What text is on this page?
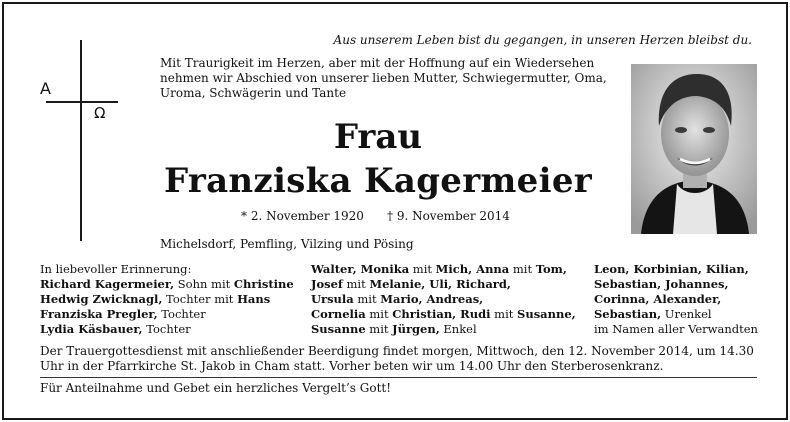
Aus unserem Leben bist du gegangen, in unseren Herzen bleibst du.
A
Ω
Mit Traurigkeit im Herzen, aber mit der Hoffnung auf ein Wiedersehen nehmen wir Abschied von unserer lieben Mutter, Schwiegermutter, Oma, Uroma, Schwägerin und Tante
Frau
Franziska Kagermeier
* 2. November 1920 † 9. November 2014
Michelsdorf, Pemfling, Vilzing und Pösing
In liebevoller Erinnerung:
Richard Kagermeier, Sohn mit Christine
Hedwig Zwicknagl, Tochter mit Hans
Franziska Pregler, Tochter
Lydia Käsbauer, Tochter
Walter, Monika mit Mich, Anna mit Tom,
Josef mit Melanie, Uli, Richard,
Ursula mit Mario, Andreas,
Cornelia mit Christian, Rudi mit Susanne,
Susanne mit Jürgen, Enkel
Leon, Korbinian, Kilian,
Sebastian, Johannes,
Corinna, Alexander,
Sebastian, Urenkel
im Namen aller Verwandten
Der Trauergottesdienst mit anschließender Beerdigung findet morgen, Mittwoch, den 12. November 2014, um 14.30 Uhr in der Pfarrkirche St. Jakob in Cham statt. Vorher beten wir um 14.00 Uhr den Sterberosenkranz.
Für Anteilnahme und Gebet ein herzliches Vergelt’s Gott!
